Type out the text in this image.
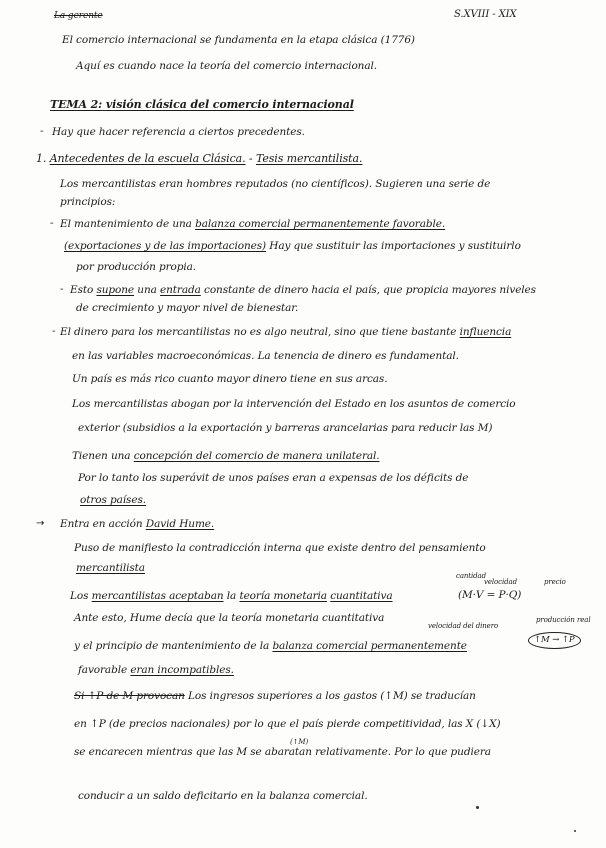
La gerente	S.XVIII - XIX
El comercio internacional se fundamenta en la etapa clásica (1776)
Aquí es cuando nace la teoría del comercio internacional.
TEMA 2: visión clásica del comercio internacional
- Hay que hacer referencia a ciertos precedentes.
1. Antecedentes de la escuela Clásica. - Tesis mercantilista.
Los mercantilistas eran hombres reputados (no científicos). Sugieren una serie de
principios:
- El mantenimiento de una balanza comercial permanentemente favorable.
(exportaciones y de las importaciones) Hay que sustituir las importaciones y sustituirlo
por producción propia.
- Esto supone una entrada constante de dinero hacia el país, que propicia mayores niveles
de crecimiento y mayor nivel de bienestar.
- El dinero para los mercantilistas no es algo neutral, sino que tiene bastante influencia
en las variables macroeconómicas. La tenencia de dinero es fundamental.
Un país es más rico cuanto mayor dinero tiene en sus arcas.
Los mercantilistas abogan por la intervención del Estado en los asuntos de comercio
exterior (subsidios a la exportación y barreras arancelarias para reducir las M)
Tienen una concepción del comercio de manera unilateral.
Por lo tanto los superávit de unos países eran a expensas de los déficits de
otros países.
→ Entra en acción David Hume.
Puso de manifiesto la contradicción interna que existe dentro del pensamiento
mercantilista
cantidad
velocidad	precio
Los mercantilistas aceptaban la teoría monetaria cuantitativa	(M·V = P·Q)
Ante esto, Hume decía que la teoría monetaria cuantitativa
velocidad del dinero
producción real
y el principio de mantenimiento de la balanza comercial permanentemente	↑M → ↑P
favorable eran incompatibles.
Si ↑P de M provocan Los ingresos superiores a los gastos (↑M) se traducían
en ↑P (de precios nacionales) por lo que el país pierde competitividad, las X (↓X)
(↑M)
se encarecen mientras que las M se abaratan relativamente. Por lo que pudiera
conducir a un saldo deficitario en la balanza comercial.
